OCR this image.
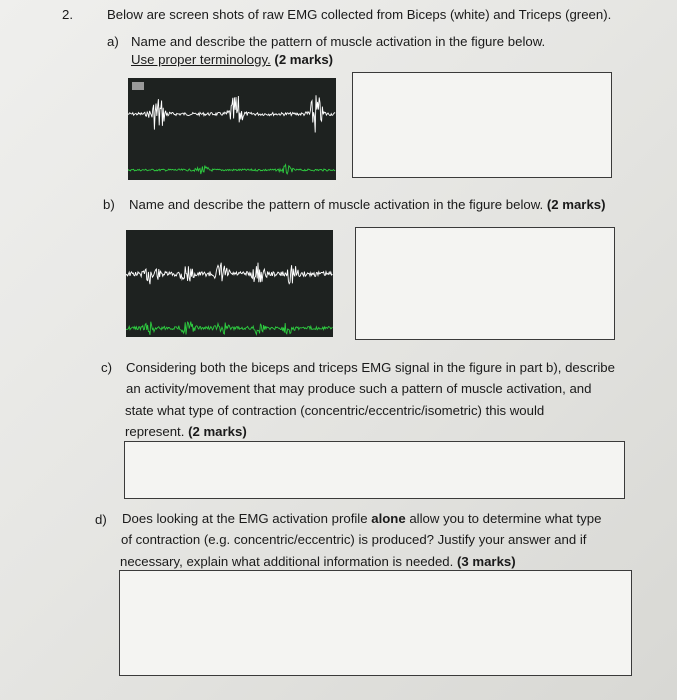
2.	Below are screen shots of raw EMG collected from Biceps (white) and Triceps (green).
a) Name and describe the pattern of muscle activation in the figure below.
Use proper terminology. (2 marks)
b) Name and describe the pattern of muscle activation in the figure below. (2 marks)
c) Considering both the biceps and triceps EMG signal in the figure in part b), describe
an activity/movement that may produce such a pattern of muscle activation, and
state what type of contraction (concentric/eccentric/isometric) this would
represent. (2 marks)
d) Does looking at the EMG activation profile alone allow you to determine what type
of contraction (e.g. concentric/eccentric) is produced? Justify your answer and if
necessary, explain what additional information is needed. (3 marks)
